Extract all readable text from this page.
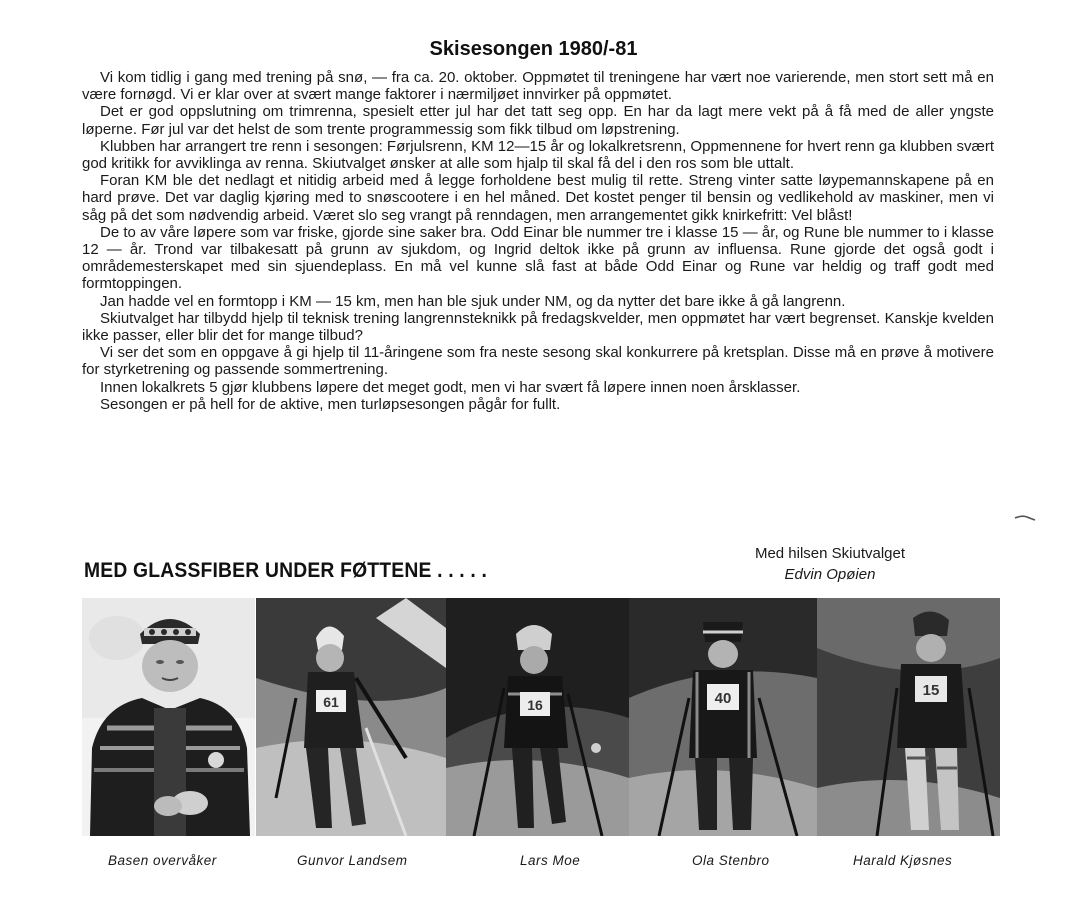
Skisesongen 1980/-81

Vi kom tidlig i gang med trening på snø, — fra ca. 20. oktober. Oppmøtet til treningene har vært noe varierende, men stort sett må en være fornøgd. Vi er klar over at svært mange faktorer i nærmiljøet innvirker på oppmøtet.

Det er god oppslutning om trimrenna, spesielt etter jul har det tatt seg opp. En har da lagt mere vekt på å få med de aller yngste løperne. Før jul var det helst de som trente programmessig som fikk tilbud om løpstrening.

Klubben har arrangert tre renn i sesongen: Førjulsrenn, KM 12—15 år og lokalkretsrenn, Oppmennene for hvert renn ga klubben svært god kritikk for avviklinga av renna. Skiutvalget ønsker at alle som hjalp til skal få del i den ros som ble uttalt.

Foran KM ble det nedlagt et nitidig arbeid med å legge forholdene best mulig til rette. Streng vinter satte løypemannskapene på en hard prøve. Det var daglig kjøring med to snøscootere i en hel måned. Det kostet penger til bensin og vedlikehold av maskiner, men vi såg på det som nødvendig arbeid. Været slo seg vrangt på renndagen, men arrangementet gikk knirkefritt: Vel blåst!

De to av våre løpere som var friske, gjorde sine saker bra. Odd Einar ble nummer tre i klasse 15 — år, og Rune ble nummer to i klasse 12 — år. Trond var tilbakesatt på grunn av sjukdom, og Ingrid deltok ikke på grunn av influensa. Rune gjorde det også godt i områdemesterskapet med sin sjuendeplass. En må vel kunne slå fast at både Odd Einar og Rune var heldig og traff godt med formtoppingen.

Jan hadde vel en formtopp i KM — 15 km, men han ble sjuk under NM, og da nytter det bare ikke å gå langrenn.

Skiutvalget har tilbydd hjelp til teknisk trening langrennsteknikk på fredagskvelder, men oppmøtet har vært begrenset. Kanskje kvelden ikke passer, eller blir det for mange tilbud?

Vi ser det som en oppgave å gi hjelp til 11-åringene som fra neste sesong skal konkurrere på kretsplan. Disse må en prøve å motivere for styrketrening og passende sommertrening.

Innen lokalkrets 5 gjør klubbens løpere det meget godt, men vi har svært få løpere innen noen årsklasser.

Sesongen er på hell for de aktive, men turløpsesongen pågår for fullt.

MED GLASSFIBER UNDER FØTTENE . . . . .
Med hilsen Skiutvalget
Edvin Opøien
61	16	40	15
Basen overvåker	Gunvor Landsem	Lars Moe	Ola Stenbro	Harald Kjøsnes
